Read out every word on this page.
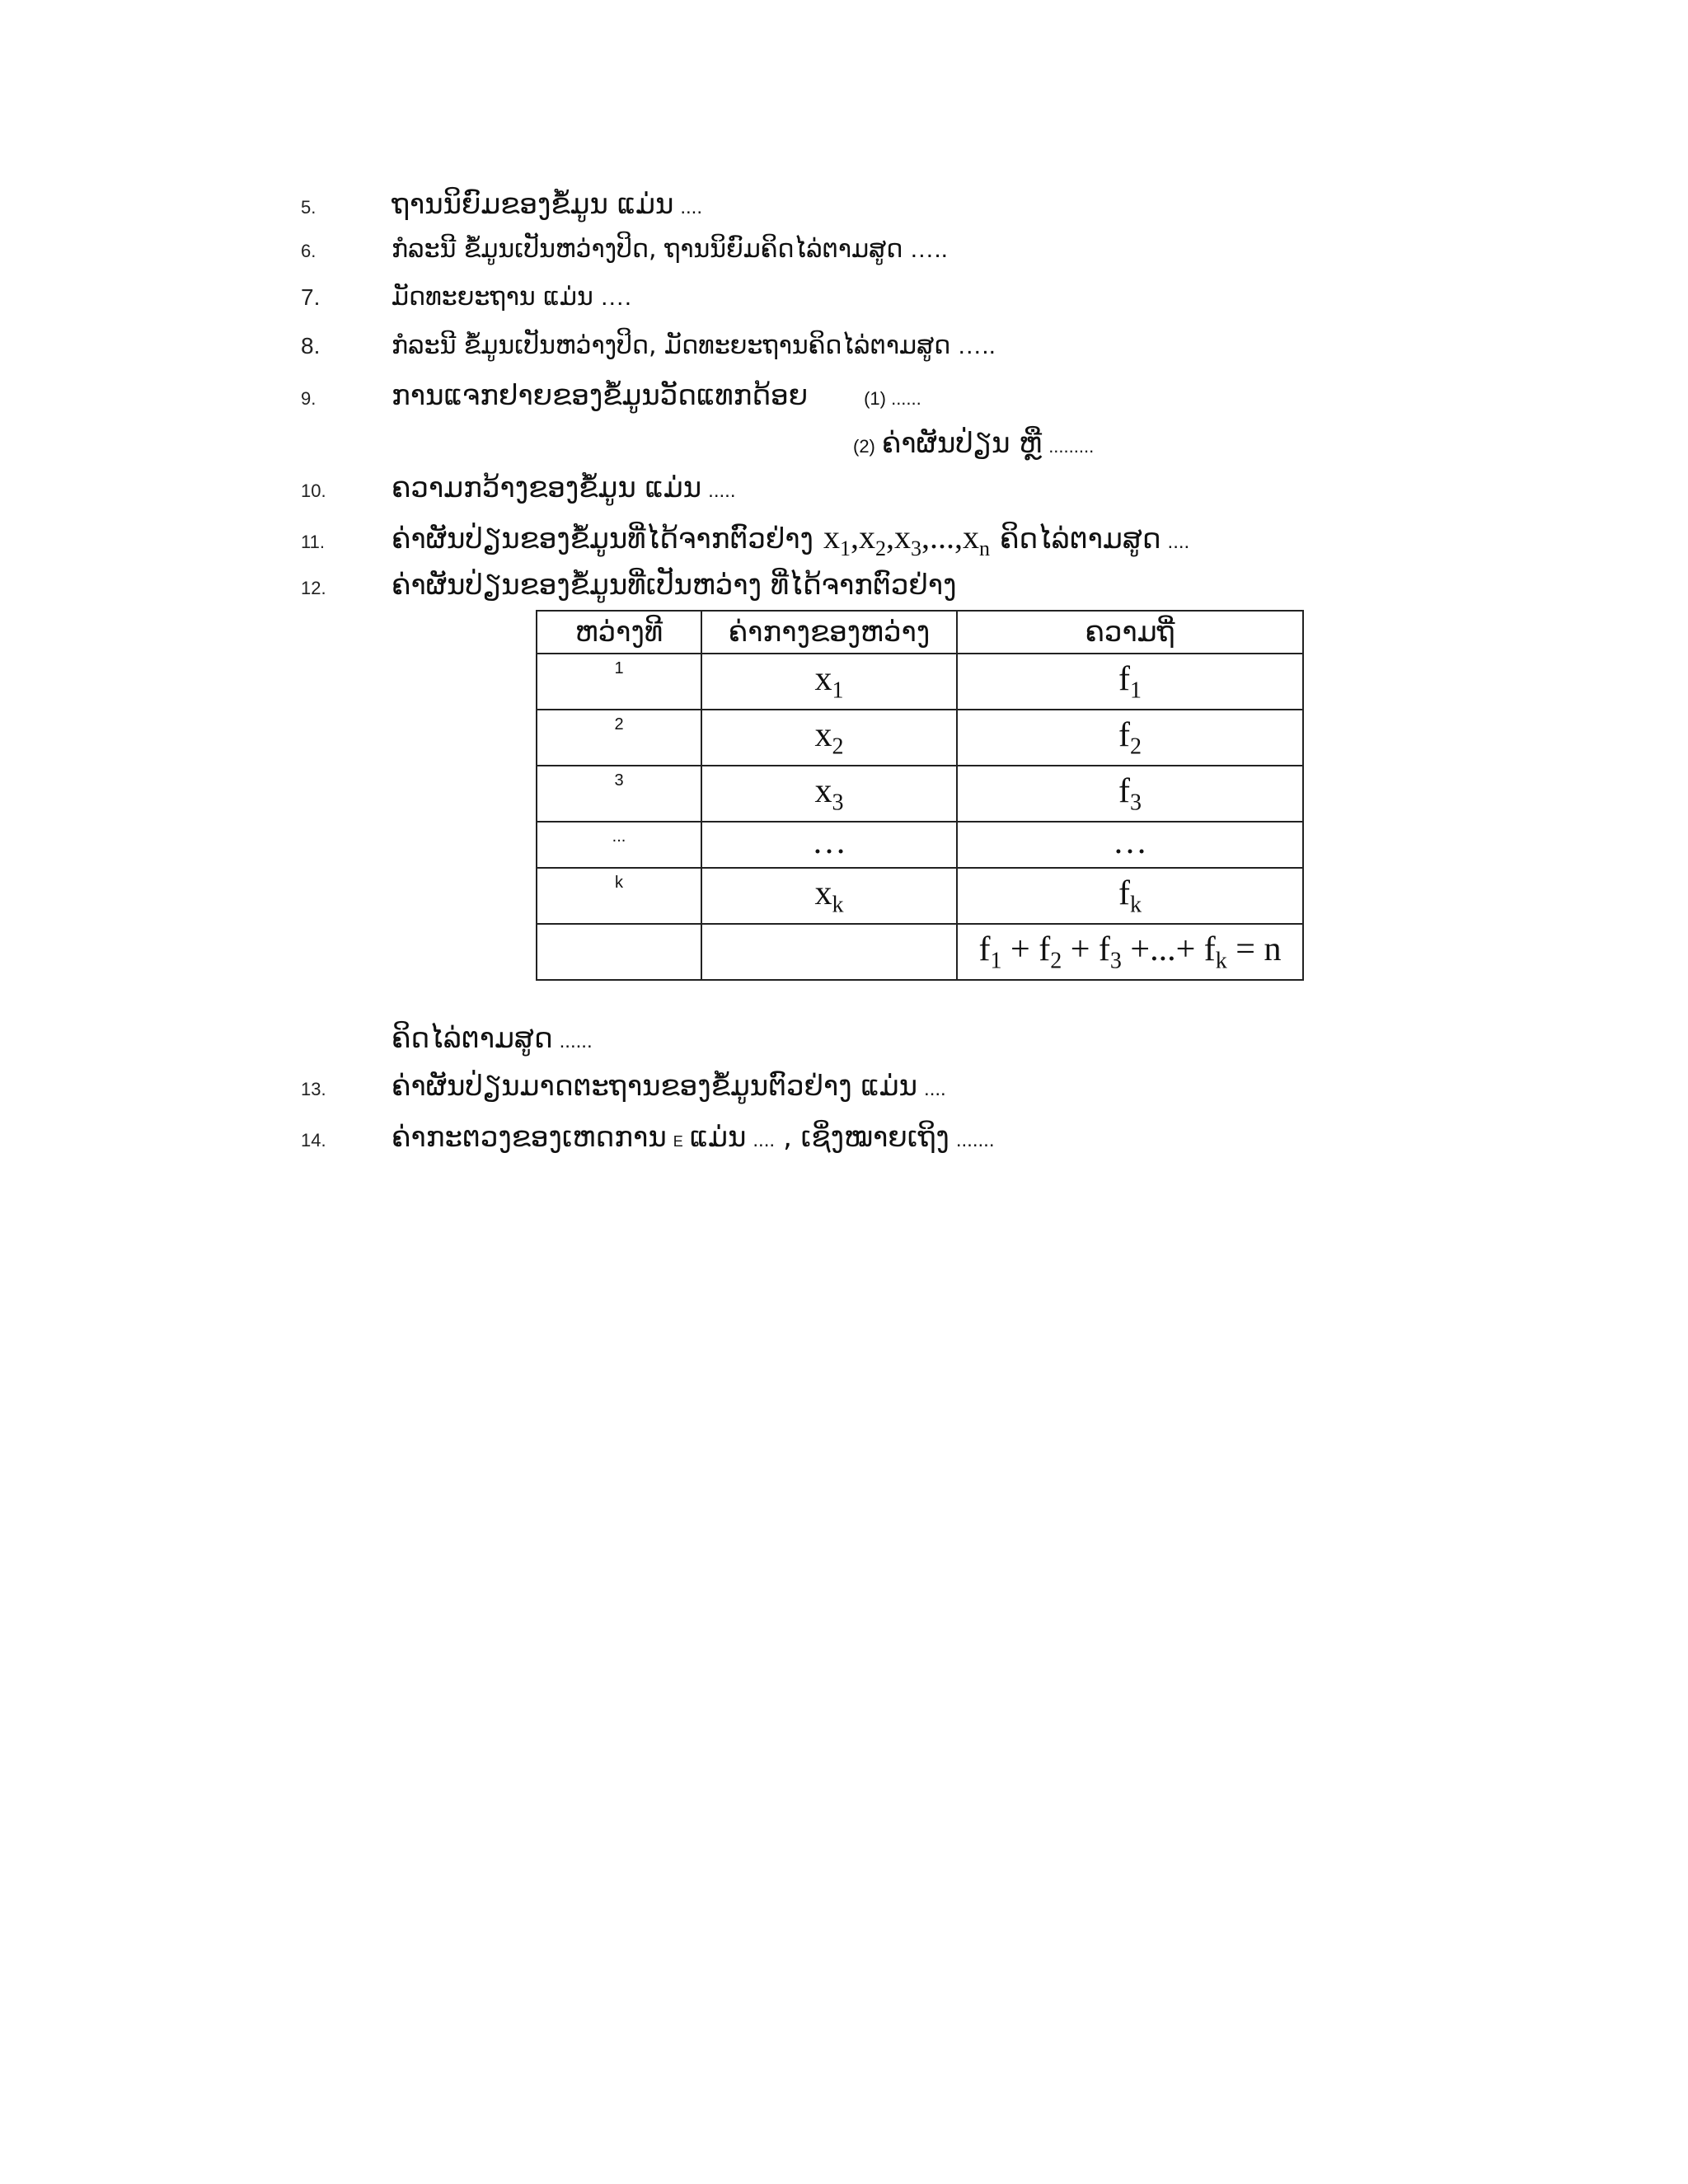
5.	ຖານນິຍົມຂອງຂໍ້ມູນ ແມ່ນ ....
6.	ກໍລະນີ ຂໍ້ມູນເປັນຫວ່າງປິດ, ຖານນິຍົມຄິດໄລ່ຕາມສູດ …..
7.	ມັດທະຍະຖານ ແມ່ນ ….
8.	ກໍລະນີ ຂໍ້ມູນເປັນຫວ່າງປິດ, ມັດທະຍະຖານຄິດໄລ່ຕາມສູດ …..
9.	ການແຈກຢາຍຂອງຂໍ້ມູນວັດແທກດ້ອຍ	(1) ......
(2) ຄ່າຜັນປ່ຽນ ຫຼື .........
10.	ຄວາມກວ້າງຂອງຂໍ້ມູນ ແມ່ນ .....
11.	ຄ່າຜັນປ່ຽນຂອງຂໍ້ມູນທີ່ໄດ້ຈາກຕົວຢ່າງ $x_1,x_2,x_3,...,x_n$ ຄິດໄລ່ຕາມສູດ ....
12.	ຄ່າຜັນປ່ຽນຂອງຂໍ້ມູນທີ່ເປັນຫວ່າງ ທີ່ໄດ້ຈາກຕົວຢ່າງ
ຫວ່າງທີ	ຄ່າກາງຂອງຫວ່າງ	ຄວາມຖີ່
1	$x_1$	$f_1$
2	$x_2$	$f_2$
3	$x_3$	$f_3$
...	…	…
k	$x_k$	$f_k$
		$f_1 + f_2 + f_3$ +...+ $f_k = n$
ຄິດໄລ່ຕາມສູດ ......
13.	ຄ່າຜັນປ່ຽນມາດຕະຖານຂອງຂໍ້ມູນຕົວຢ່າງ ແມ່ນ ....
14.	ຄ່າກະຕວງຂອງເຫດການ E ແມ່ນ .... , ເຊິ່ງໝາຍເຖິງ .......
